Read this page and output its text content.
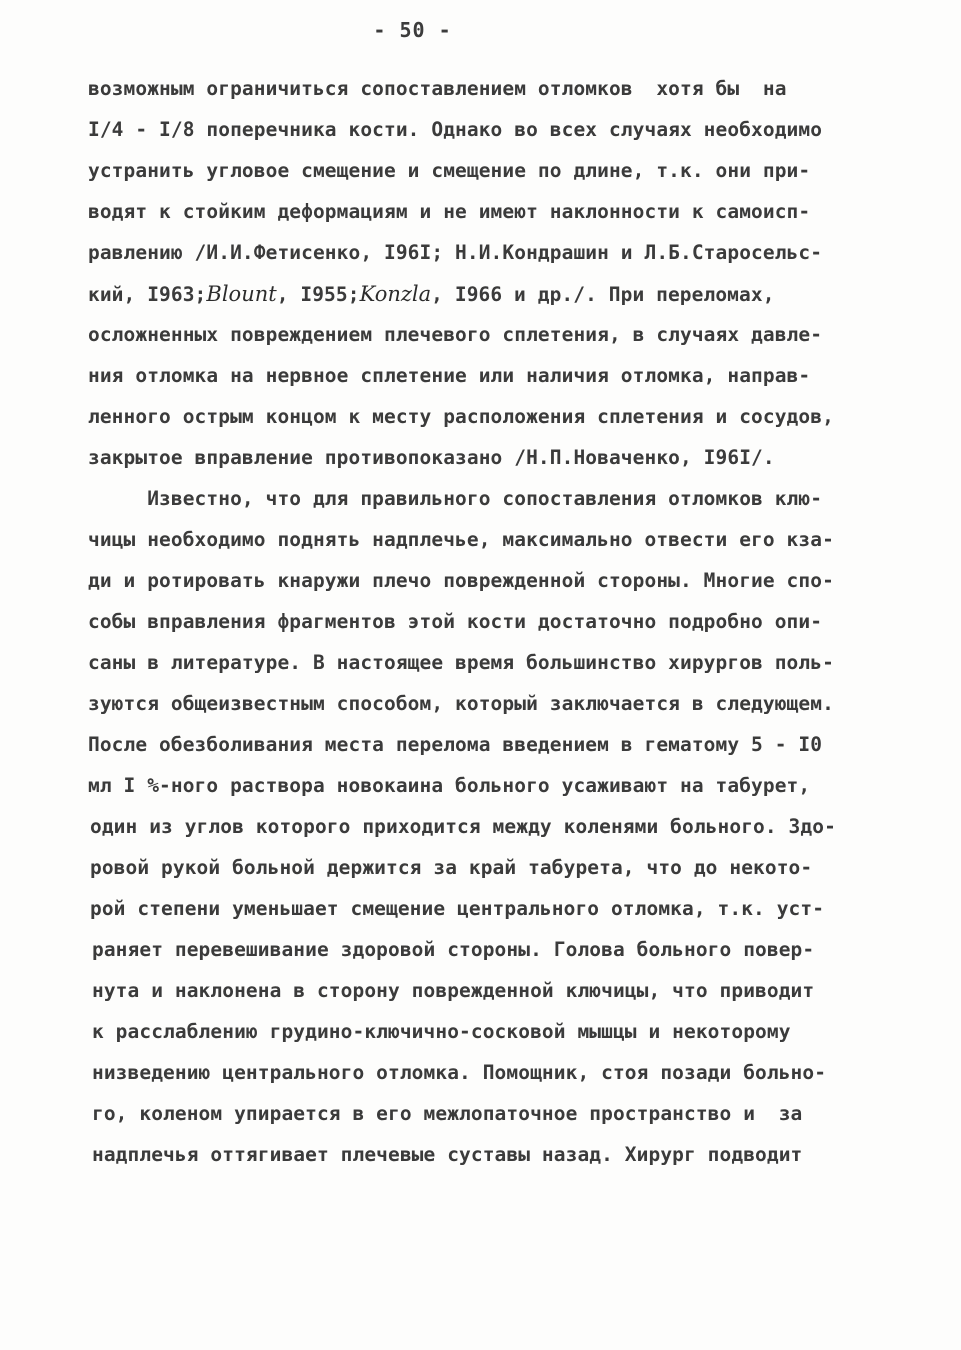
- 50 -
возможным ограничиться сопоставлением отломков  хотя бы  на
I/4 - I/8 поперечника кости. Однако во всех случаях необходимо
устранить угловое смещение и смещение по длине, т.к. они при-
водят к стойким деформациям и не имеют наклонности к самоисп-
равлению /И.И.Фетисенко, I96I; Н.И.Кондрашин и Л.Б.Старосельс-
кий, I963;Blount, I955;Konzla, I966 и др./. При переломах,
осложненных повреждением плечевого сплетения, в случаях давле-
ния отломка на нервное сплетение или наличия отломка, направ-
ленного острым концом к месту расположения сплетения и сосудов,
закрытое вправление противопоказано /Н.П.Новаченко, I96I/.
Известно, что для правильного сопоставления отломков клю-
чицы необходимо поднять надплечье, максимально отвести его кза-
ди и ротировать кнаружи плечо поврежденной стороны. Многие спо-
собы вправления фрагментов этой кости достаточно подробно опи-
саны в литературе. В настоящее время большинство хирургов поль-
зуются общеизвестным способом, который заключается в следующем.
После обезболивания места перелома введением в гематому 5 - I0
мл I %-ного раствора новокаина больного усаживают на табурет,
один из углов которого приходится между коленями больного. Здо-
ровой рукой больной держится за край табурета, что до некото-
рой степени уменьшает смещение центрального отломка, т.к. уст-
раняет перевешивание здоровой стороны. Голова больного повер-
нута и наклонена в сторону поврежденной ключицы, что приводит
к расслаблению грудино-ключично-сосковой мышцы и некоторому
низведению центрального отломка. Помощник, стоя позади больно-
го, коленом упирается в его межлопаточное пространство и  за
надплечья оттягивает плечевые суставы назад. Хирург подводит
